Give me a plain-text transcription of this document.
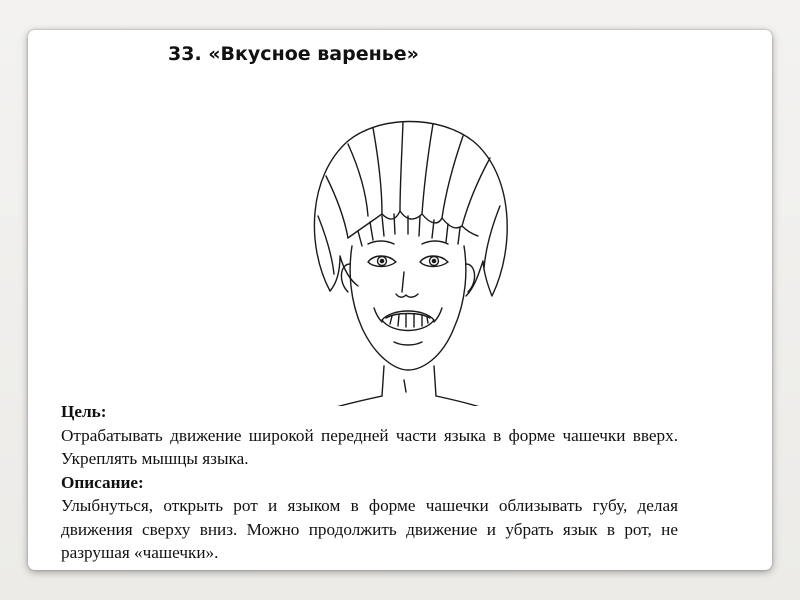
33. «Вкусное варенье»

Цель:

Отрабатывать движение широкой передней части языка в форме чашечки вверх. Укреплять мышцы языка.

Описание:

Улыбнуться, открыть рот и языком в форме чашечки облизывать губу, делая движения сверху вниз. Можно продолжить движение и убрать язык в рот, не разрушая «чашечки».
